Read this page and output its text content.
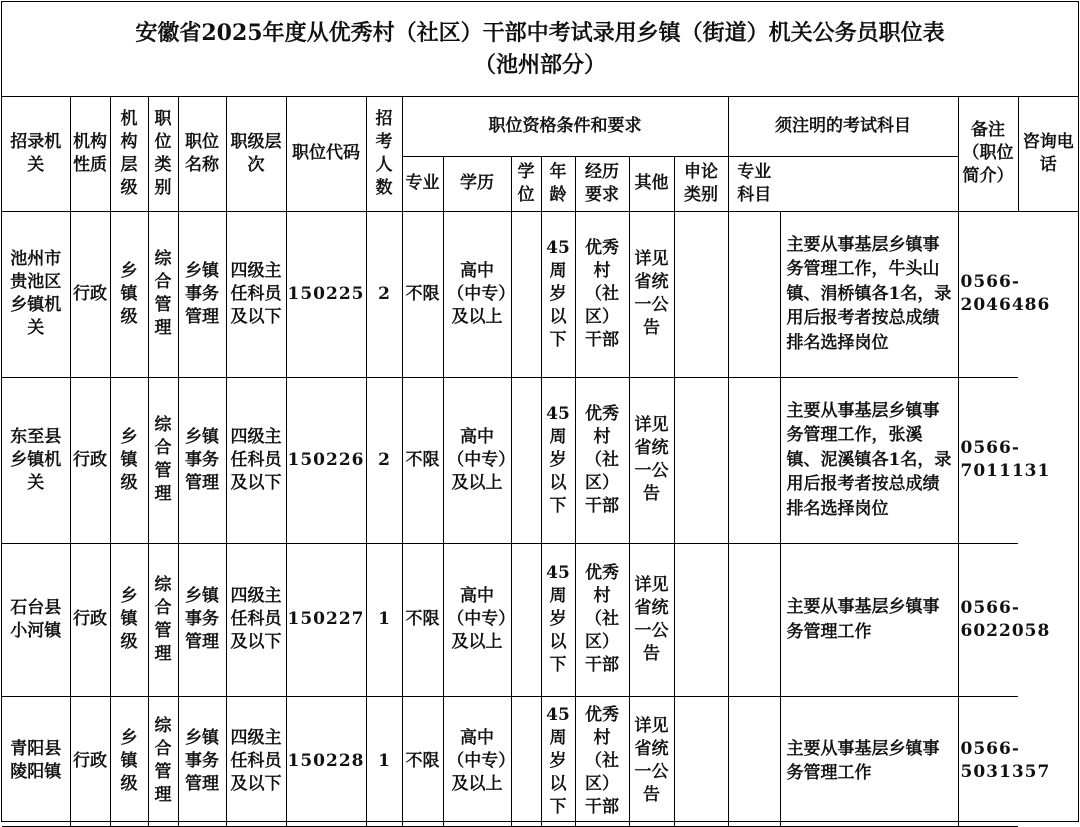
安徽省2025年度从优秀村（社区）干部中考试录用乡镇（街道）机关公务员职位表
（池州部分）
招录机关	机构性质	机构层级	职位类别	职位名称	职级层次	职位代码	招考人数	职位资格条件和要求							须注明的考试科目		备注（职位简介）	咨询电话
								专业	学历	学位	年龄	经历要求	其他	申论类别	专业科目			
池州市贵池区乡镇机关	行政	乡镇级	综合管理	乡镇事务管理	四级主任科员及以下	150225	2	不限	高中（中专）及以上		45周岁以下	优秀村（社区）干部	详见省统一公告			主要从事基层乡镇事务管理工作，牛头山镇、涓桥镇各1名，录用后报考者按总成绩排名选择岗位	0566-2046486	
东至县乡镇机关	行政	乡镇级	综合管理	乡镇事务管理	四级主任科员及以下	150226	2	不限	高中（中专）及以上		45周岁以下	优秀村（社区）干部	详见省统一公告			主要从事基层乡镇事务管理工作，张溪镇、泥溪镇各1名，录用后报考者按总成绩排名选择岗位	0566-7011131	
石台县小河镇	行政	乡镇级	综合管理	乡镇事务管理	四级主任科员及以下	150227	1	不限	高中（中专）及以上		45周岁以下	优秀村（社区）干部	详见省统一公告			主要从事基层乡镇事务管理工作	0566-6022058	
青阳县陵阳镇	行政	乡镇级	综合管理	乡镇事务管理	四级主任科员及以下	150228	1	不限	高中（中专）及以上		45周岁以下	优秀村（社区）干部	详见省统一公告			主要从事基层乡镇事务管理工作	0566-5031357	
